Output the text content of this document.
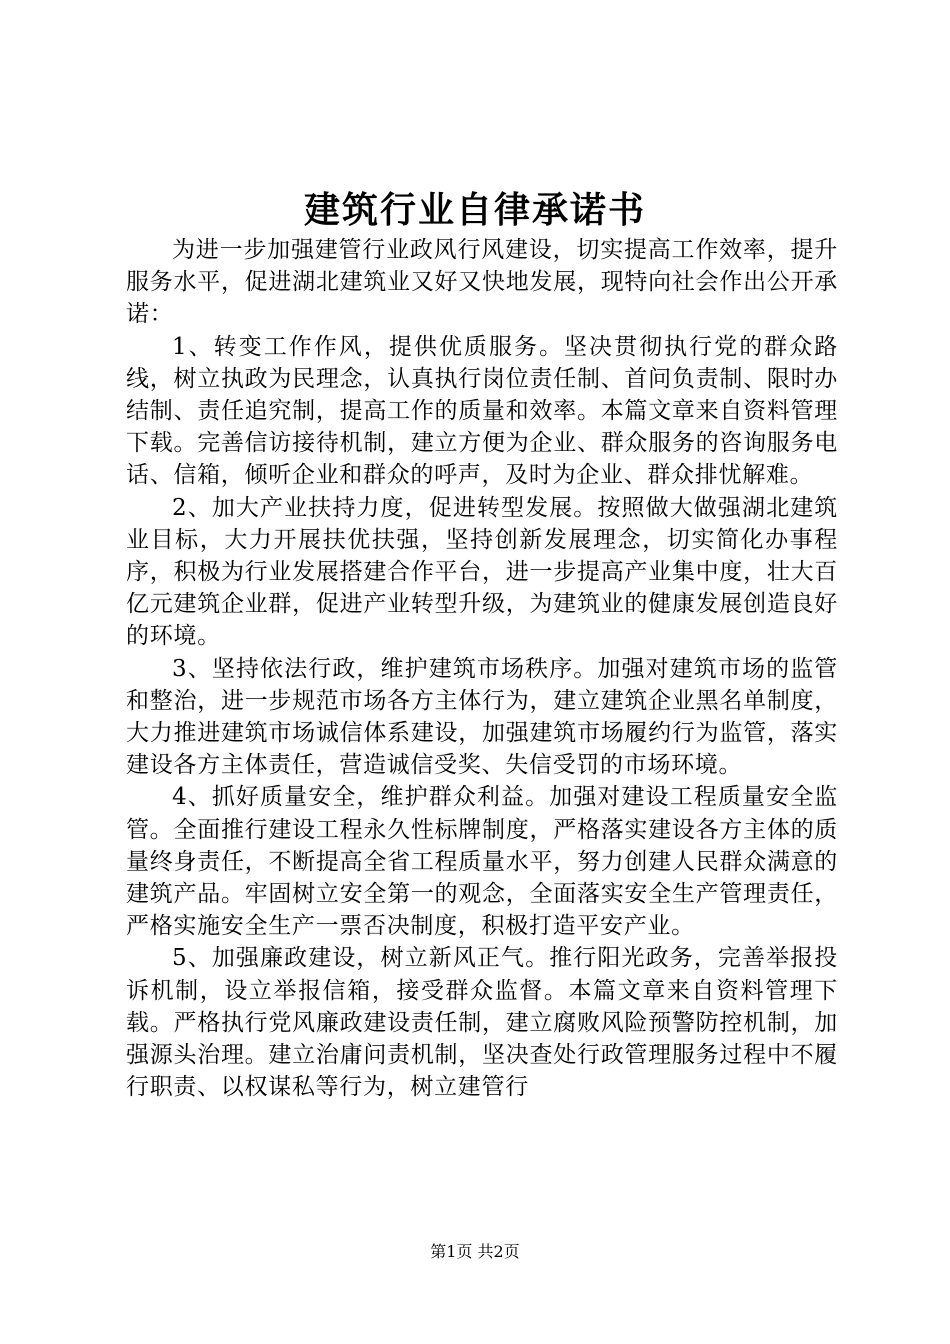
建筑行业自律承诺书

为进一步加强建管行业政风行风建设，切实提高工作效率，提升服务水平，促进湖北建筑业又好又快地发展，现特向社会作出公开承诺：

1、转变工作作风，提供优质服务。坚决贯彻执行党的群众路线，树立执政为民理念，认真执行岗位责任制、首问负责制、限时办结制、责任追究制，提高工作的质量和效率。本篇文章来自资料管理下载。完善信访接待机制，建立方便为企业、群众服务的咨询服务电话、信箱，倾听企业和群众的呼声，及时为企业、群众排忧解难。

2、加大产业扶持力度，促进转型发展。按照做大做强湖北建筑业目标，大力开展扶优扶强，坚持创新发展理念，切实简化办事程序，积极为行业发展搭建合作平台，进一步提高产业集中度，壮大百亿元建筑企业群，促进产业转型升级，为建筑业的健康发展创造良好的环境。

3、坚持依法行政，维护建筑市场秩序。加强对建筑市场的监管和整治，进一步规范市场各方主体行为，建立建筑企业黑名单制度，大力推进建筑市场诚信体系建设，加强建筑市场履约行为监管，落实建设各方主体责任，营造诚信受奖、失信受罚的市场环境。

4、抓好质量安全，维护群众利益。加强对建设工程质量安全监管。全面推行建设工程永久性标牌制度，严格落实建设各方主体的质量终身责任，不断提高全省工程质量水平，努力创建人民群众满意的建筑产品。牢固树立安全第一的观念，全面落实安全生产管理责任，严格实施安全生产一票否决制度，积极打造平安产业。

5、加强廉政建设，树立新风正气。推行阳光政务，完善举报投诉机制，设立举报信箱，接受群众监督。本篇文章来自资料管理下载。严格执行党风廉政建设责任制，建立腐败风险预警防控机制，加强源头治理。建立治庸问责机制，坚决查处行政管理服务过程中不履行职责、以权谋私等行为，树立建管行

第1页 共2页
